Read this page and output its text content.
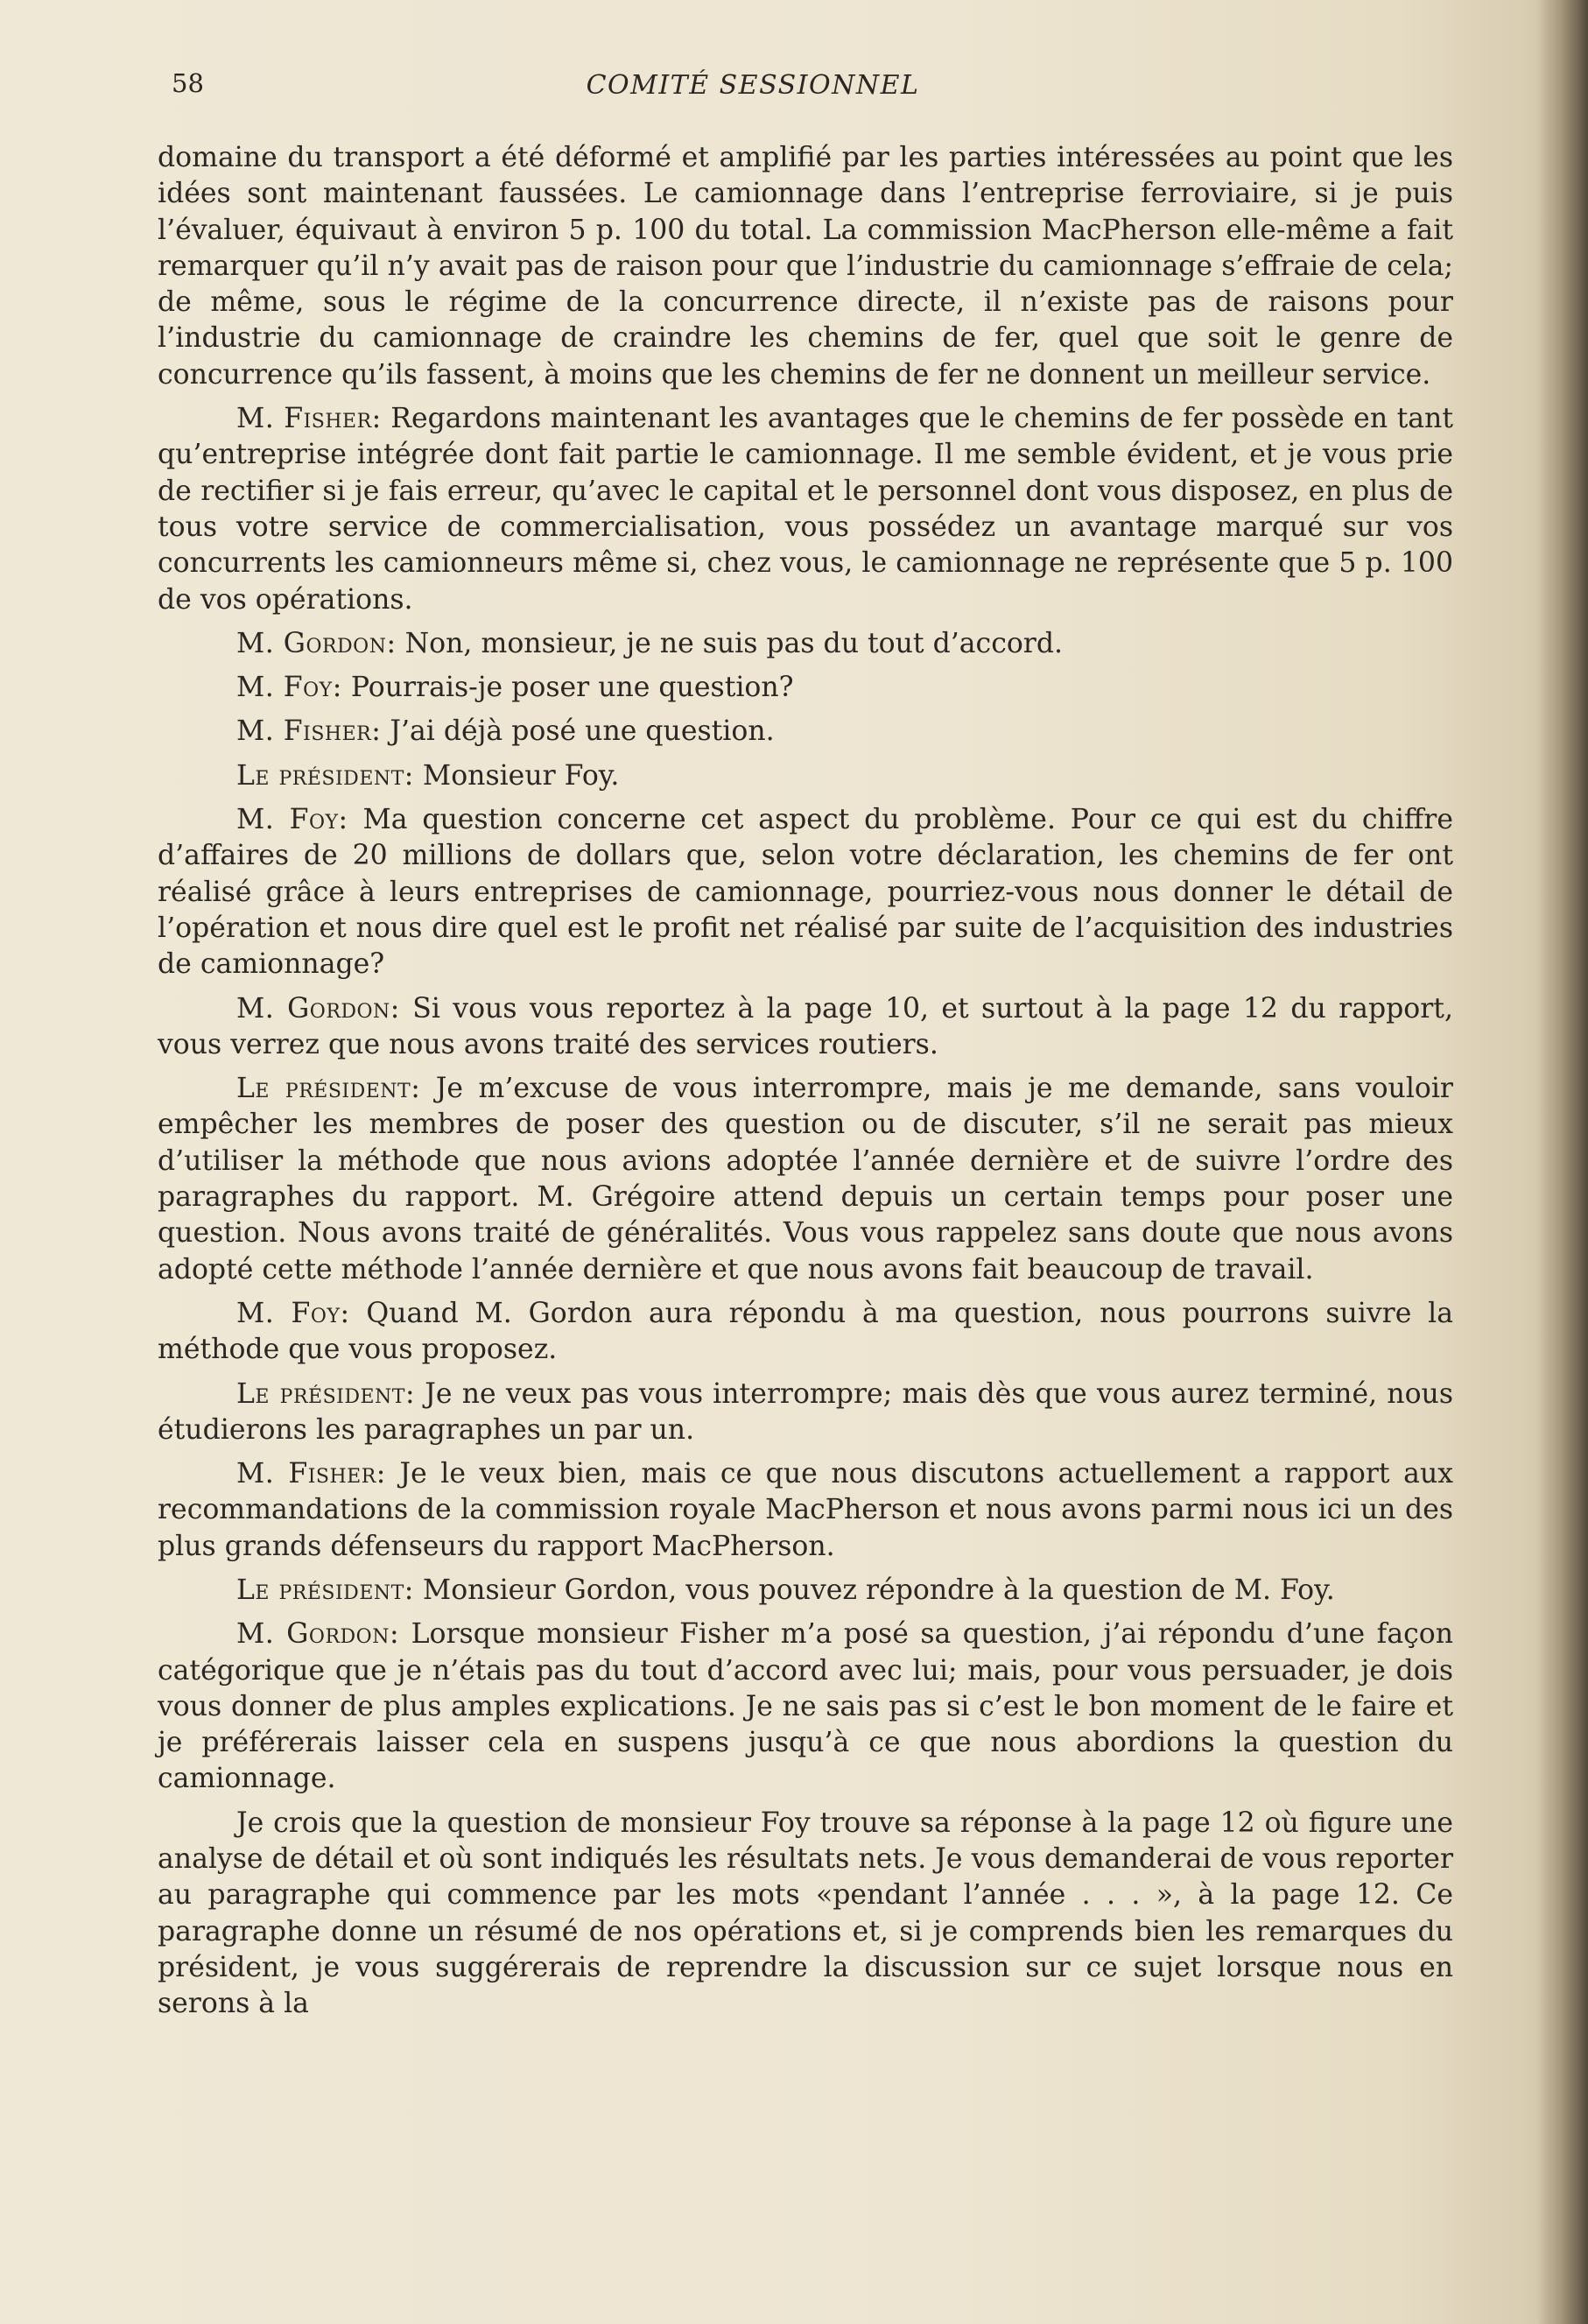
58	COMITÉ SESSIONNEL

domaine du transport a été déformé et amplifié par les parties intéressées au point que les idées sont maintenant faussées. Le camionnage dans l’entreprise ferroviaire, si je puis l’évaluer, équivaut à environ 5 p. 100 du total. La commission MacPherson elle-même a fait remarquer qu’il n’y avait pas de raison pour que l’industrie du camionnage s’effraie de cela; de même, sous le régime de la concurrence directe, il n’existe pas de raisons pour l’industrie du camionnage de craindre les chemins de fer, quel que soit le genre de concurrence qu’ils fassent, à moins que les chemins de fer ne donnent un meilleur service.

M. Fisher: Regardons maintenant les avantages que le chemins de fer possède en tant qu’entreprise intégrée dont fait partie le camionnage. Il me semble évident, et je vous prie de rectifier si je fais erreur, qu’avec le capital et le personnel dont vous disposez, en plus de tous votre service de commercialisation, vous possédez un avantage marqué sur vos concurrents les camionneurs même si, chez vous, le camionnage ne représente que 5 p. 100 de vos opérations.

M. Gordon: Non, monsieur, je ne suis pas du tout d’accord.

M. Foy: Pourrais-je poser une question?

M. Fisher: J’ai déjà posé une question.

Le président: Monsieur Foy.

M. Foy: Ma question concerne cet aspect du problème. Pour ce qui est du chiffre d’affaires de 20 millions de dollars que, selon votre déclaration, les chemins de fer ont réalisé grâce à leurs entreprises de camionnage, pourriez-vous nous donner le détail de l’opération et nous dire quel est le profit net réalisé par suite de l’acquisition des industries de camionnage?

M. Gordon: Si vous vous reportez à la page 10, et surtout à la page 12 du rapport, vous verrez que nous avons traité des services routiers.

Le président: Je m’excuse de vous interrompre, mais je me demande, sans vouloir empêcher les membres de poser des question ou de discuter, s’il ne serait pas mieux d’utiliser la méthode que nous avions adoptée l’année dernière et de suivre l’ordre des paragraphes du rapport. M. Grégoire attend depuis un certain temps pour poser une question. Nous avons traité de généralités. Vous vous rappelez sans doute que nous avons adopté cette méthode l’année dernière et que nous avons fait beaucoup de travail.

M. Foy: Quand M. Gordon aura répondu à ma question, nous pourrons suivre la méthode que vous proposez.

Le président: Je ne veux pas vous interrompre; mais dès que vous aurez terminé, nous étudierons les paragraphes un par un.

M. Fisher: Je le veux bien, mais ce que nous discutons actuellement a rapport aux recommandations de la commission royale MacPherson et nous avons parmi nous ici un des plus grands défenseurs du rapport MacPherson.

Le président: Monsieur Gordon, vous pouvez répondre à la question de M. Foy.

M. Gordon: Lorsque monsieur Fisher m’a posé sa question, j’ai répondu d’une façon catégorique que je n’étais pas du tout d’accord avec lui; mais, pour vous persuader, je dois vous donner de plus amples explications. Je ne sais pas si c’est le bon moment de le faire et je préférerais laisser cela en suspens jusqu’à ce que nous abordions la question du camionnage.

Je crois que la question de monsieur Foy trouve sa réponse à la page 12 où figure une analyse de détail et où sont indiqués les résultats nets. Je vous demanderai de vous reporter au paragraphe qui commence par les mots «pendant l’année . . . », à la page 12. Ce paragraphe donne un résumé de nos opérations et, si je comprends bien les remarques du président, je vous suggérerais de reprendre la discussion sur ce sujet lorsque nous en serons à la
